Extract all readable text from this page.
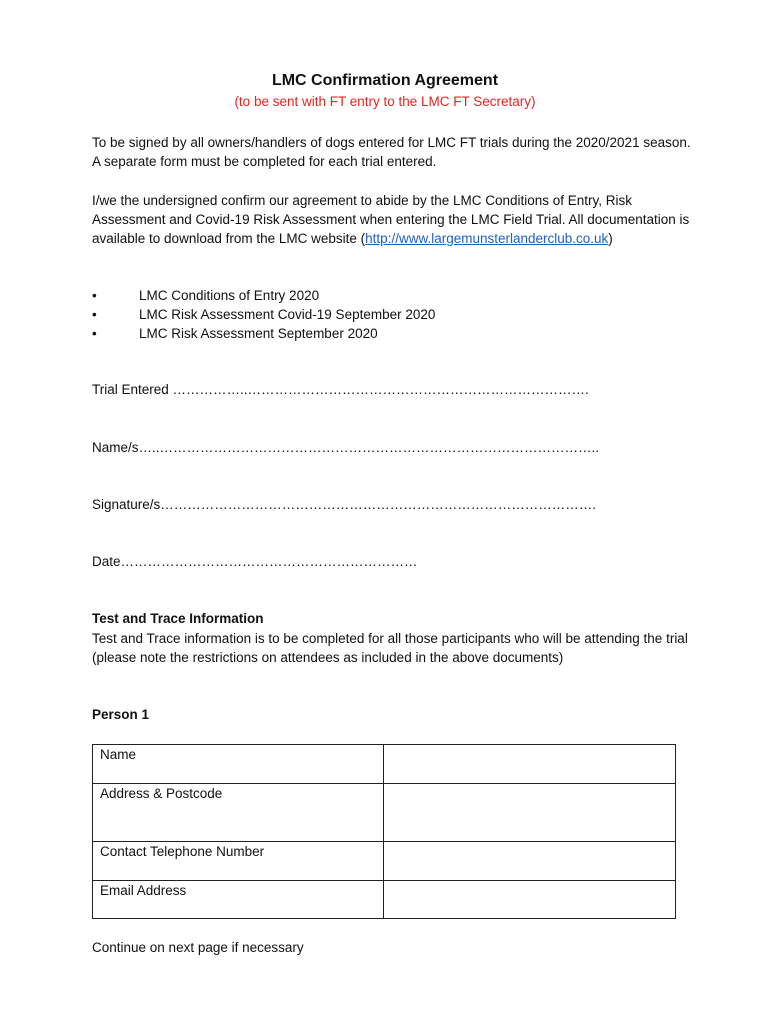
LMC Confirmation Agreement
(to be sent with FT entry to the LMC FT Secretary)
To be signed by all owners/handlers of dogs entered for LMC FT trials during the 2020/2021 season. A separate form must be completed for each trial entered.
I/we the undersigned confirm our agreement to abide by the LMC Conditions of Entry, Risk Assessment and Covid-19 Risk Assessment when entering the LMC Field Trial. All documentation is available to download from the LMC website (http://www.largemunsterlanderclub.co.uk)
•	LMC Conditions of Entry 2020
•	LMC Risk Assessment Covid-19 September 2020
•	LMC Risk Assessment September 2020
Trial Entered ……………..………………………………………………………………….
Name/s…..……………………………………………………………………………………..
Signature/s…………………………………………………………………………………….
Date…………………………………………………………
Test and Trace Information
Test and Trace information is to be completed for all those participants who will be attending the trial (please note the restrictions on attendees as included in the above documents)
Person 1
Name	
Address & Postcode	
Contact Telephone Number	
Email Address	
Continue on next page if necessary
